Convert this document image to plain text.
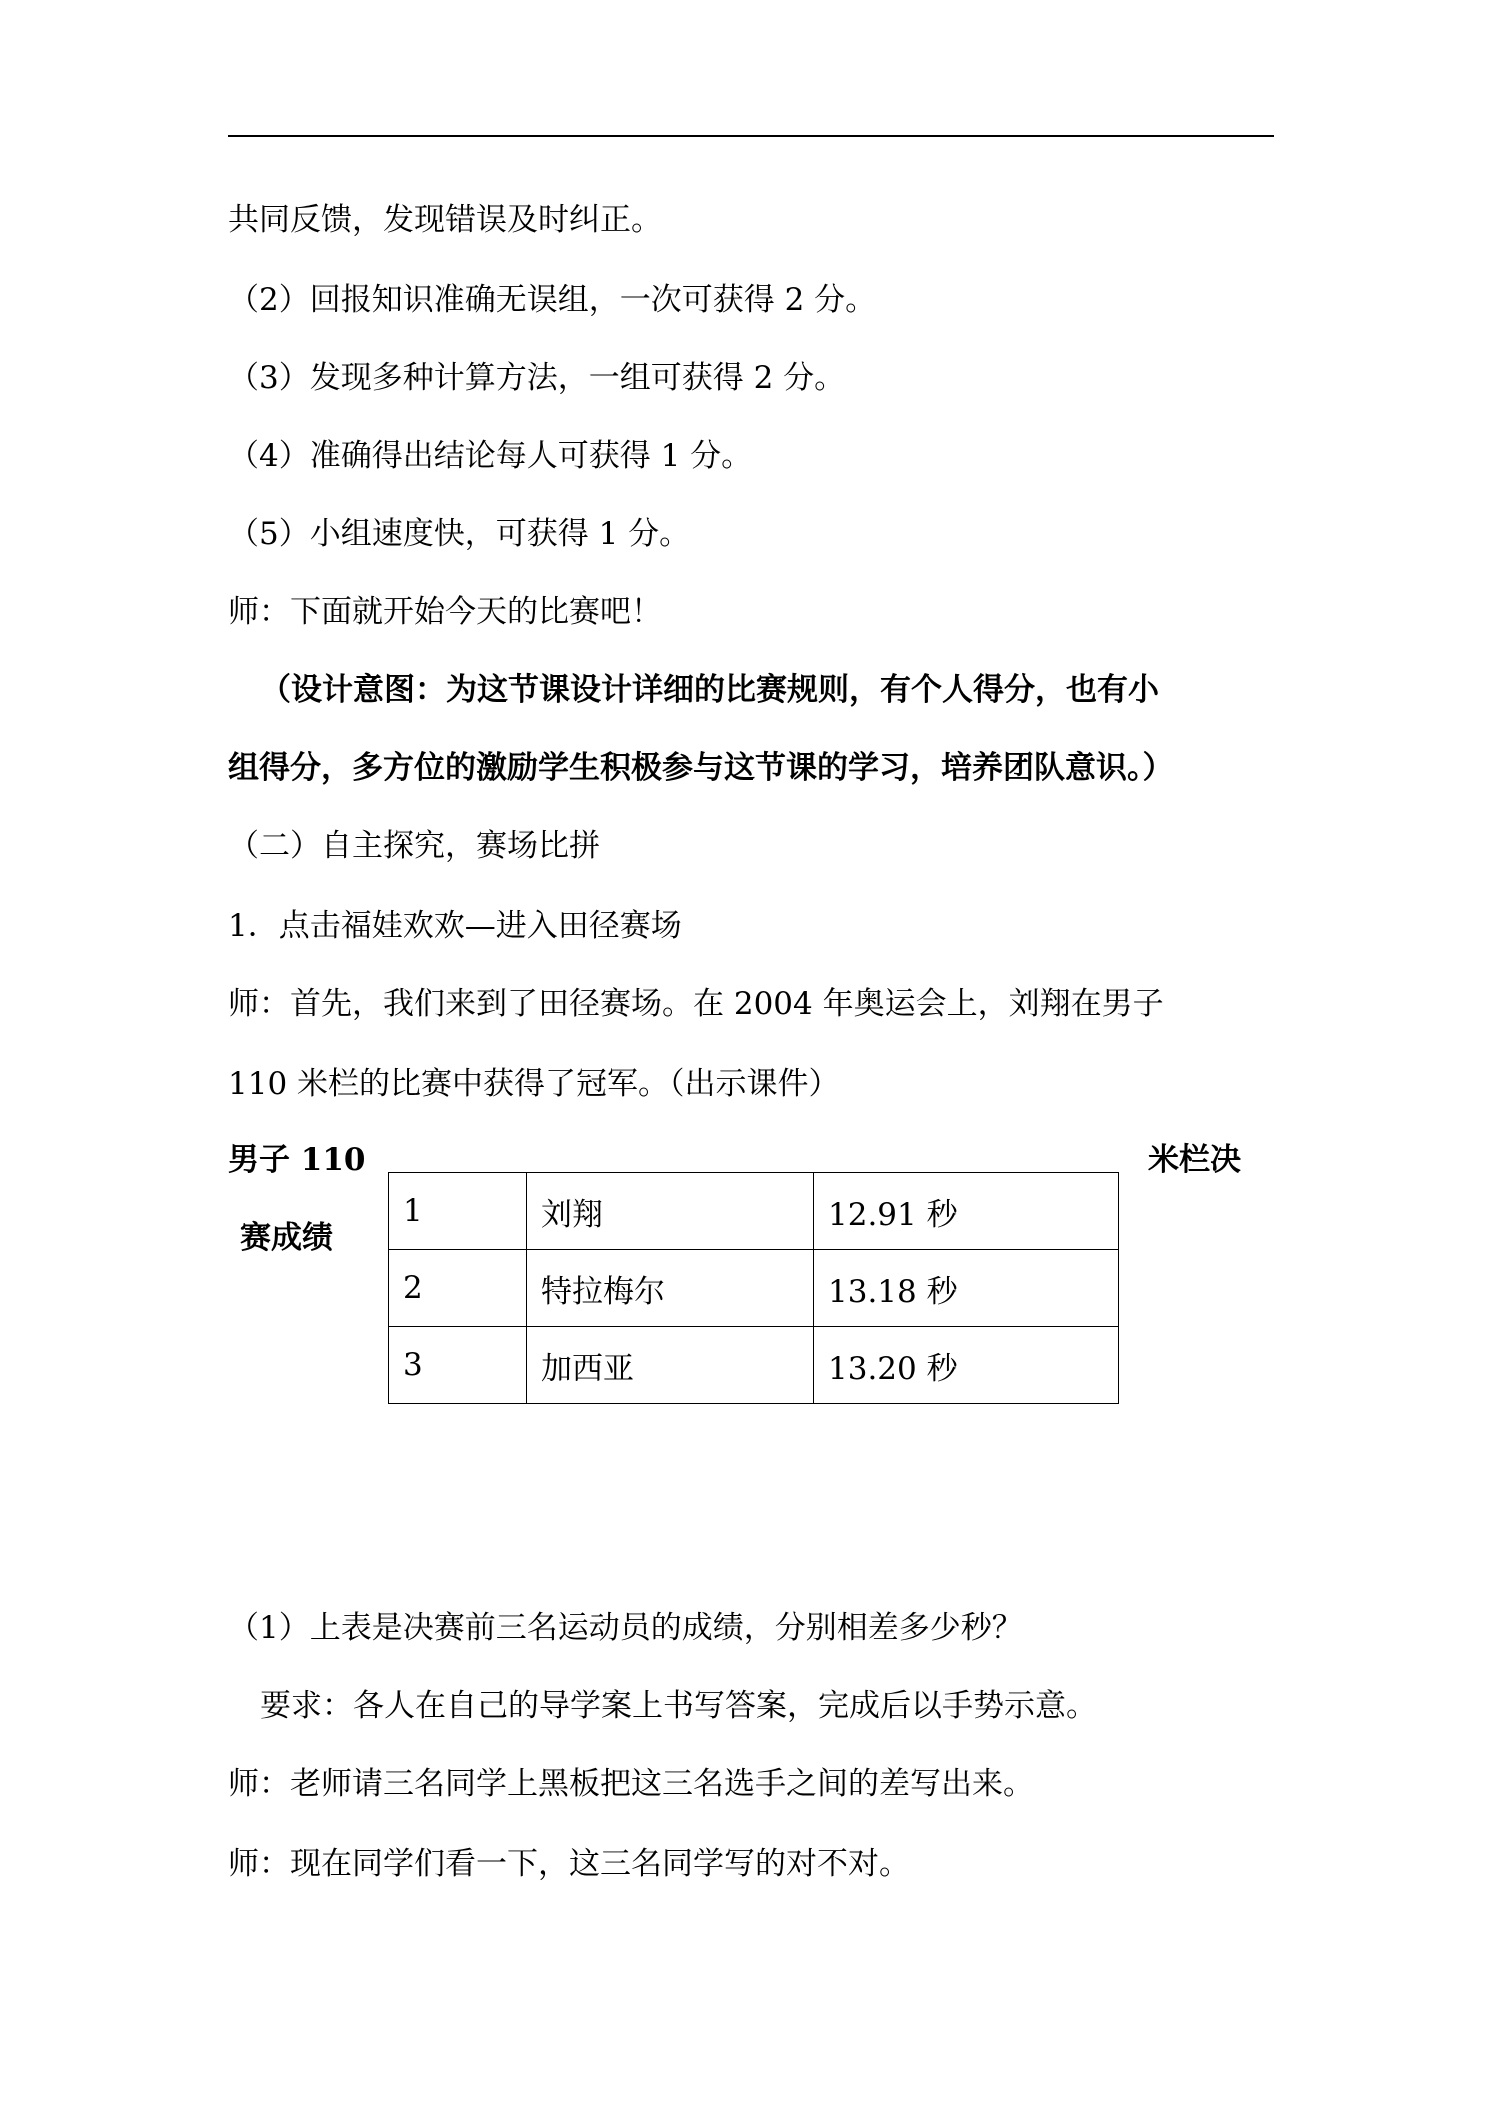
共同反馈，发现错误及时纠正。
（2）回报知识准确无误组，一次可获得 2 分。
（3）发现多种计算方法，一组可获得 2 分。
（4）准确得出结论每人可获得 1 分。
（5）小组速度快，可获得 1 分。
师：下面就开始今天的比赛吧！
（设计意图：为这节课设计详细的比赛规则，有个人得分，也有小
组得分，多方位的激励学生积极参与这节课的学习，培养团队意识。）
（二）自主探究，赛场比拼
1．点击福娃欢欢—进入田径赛场
师：首先，我们来到了田径赛场。在 2004 年奥运会上，刘翔在男子
110 米栏的比赛中获得了冠军。（出示课件）
男子 110	米栏决
赛成绩
1	刘翔	12.91 秒
2	特拉梅尔	13.18 秒
3	加西亚	13.20 秒
（1）上表是决赛前三名运动员的成绩，分别相差多少秒？
要求：各人在自己的导学案上书写答案，完成后以手势示意。
师：老师请三名同学上黑板把这三名选手之间的差写出来。
师：现在同学们看一下，这三名同学写的对不对。
